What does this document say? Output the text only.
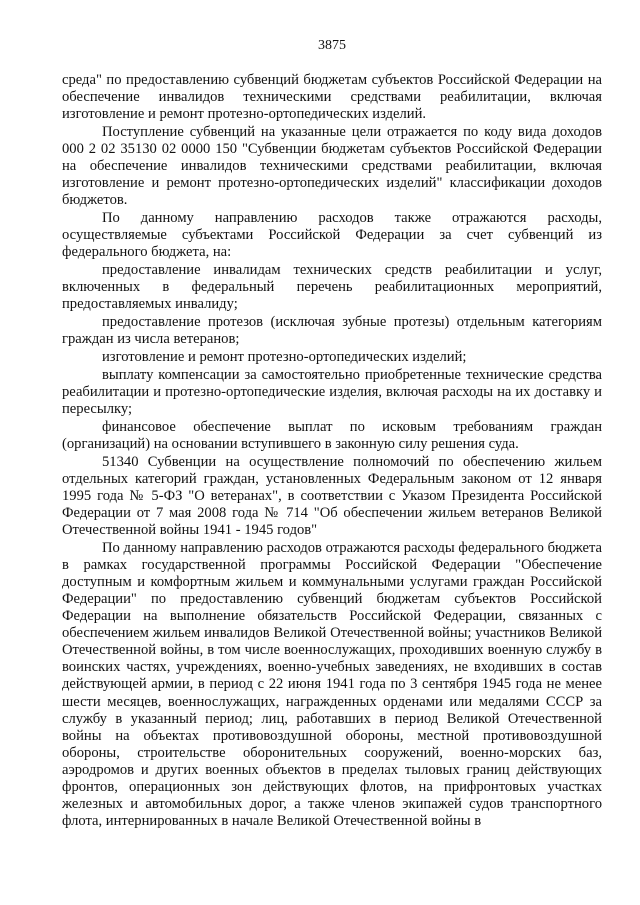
3875

среда" по предоставлению субвенций бюджетам субъектов Российской Федерации на обеспечение инвалидов техническими средствами реабилитации, включая изготовление и ремонт протезно-ортопедических изделий.

Поступление субвенций на указанные цели отражается по коду вида доходов 000 2 02 35130 02 0000 150 "Субвенции бюджетам субъектов Российской Федерации на обеспечение инвалидов техническими средствами реабилитации, включая изготовление и ремонт протезно-ортопедических изделий" классификации доходов бюджетов.

По данному направлению расходов также отражаются расходы, осуществляемые субъектами Российской Федерации за счет субвенций из федерального бюджета, на:

предоставление инвалидам технических средств реабилитации и услуг, включенных в федеральный перечень реабилитационных мероприятий, предоставляемых инвалиду;

предоставление протезов (исключая зубные протезы) отдельным категориям граждан из числа ветеранов;

изготовление и ремонт протезно-ортопедических изделий;

выплату компенсации за самостоятельно приобретенные технические средства реабилитации и протезно-ортопедические изделия, включая расходы на их доставку и пересылку;

финансовое обеспечение выплат по исковым требованиям граждан (организаций) на основании вступившего в законную силу решения суда.

51340 Субвенции на осуществление полномочий по обеспечению жильем отдельных категорий граждан, установленных Федеральным законом от 12 января 1995 года № 5-ФЗ "О ветеранах", в соответствии с Указом Президента Российской Федерации от 7 мая 2008 года № 714 "Об обеспечении жильем ветеранов Великой Отечественной войны 1941 - 1945 годов"

По данному направлению расходов отражаются расходы федерального бюджета в рамках государственной программы Российской Федерации "Обеспечение доступным и комфортным жильем и коммунальными услугами граждан Российской Федерации" по предоставлению субвенций бюджетам субъектов Российской Федерации на выполнение обязательств Российской Федерации, связанных с обеспечением жильем инвалидов Великой Отечественной войны; участников Великой Отечественной войны, в том числе военнослужащих, проходивших военную службу в воинских частях, учреждениях, военно-учебных заведениях, не входивших в состав действующей армии, в период с 22 июня 1941 года по 3 сентября 1945 года не менее шести месяцев, военнослужащих, награжденных орденами или медалями СССР за службу в указанный период; лиц, работавших в период Великой Отечественной войны на объектах противовоздушной обороны, местной противовоздушной обороны, строительстве оборонительных сооружений, военно-морских баз, аэродромов и других военных объектов в пределах тыловых границ действующих фронтов, операционных зон действующих флотов, на прифронтовых участках железных и автомобильных дорог, а также членов экипажей судов транспортного флота, интернированных в начале Великой Отечественной войны в
